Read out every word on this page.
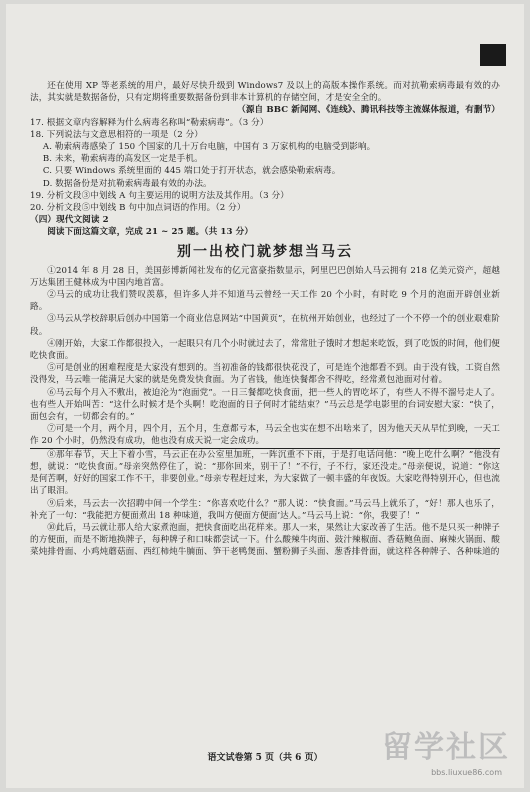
还在使用 XP 等老系统的用户，最好尽快升级到 Windows7 及以上的高版本操作系统。而对抗勒索病毒最有效的办法，其实就是数据备份，只有定期将重要数据备份到非本计算机的存储空间，才是安全全的。

（源自 BBC 新闻网、《连线》、腾讯科技等主流媒体报道，有删节）

17. 根据文章内容解释为什么病毒名称叫“勒索病毒”。（3 分）

18. 下列说法与文意思相符的一项是（2 分）

A. 勒索病毒感染了 150 个国家的几十万台电脑，中国有 3 万家机构的电脑受到影响。

B. 未来，勒索病毒的高发区一定是手机。

C. 只要 Windows 系统里面的 445 端口处于打开状态，就会感染勒索病毒。

D. 数据备份是对抗勒索病毒最有效的办法。

19. 分析文段③中划线 A 句主要运用的说明方法及其作用。（3 分）

20. 分析文段⑤中划线 B 句中加点词语的作用。（2 分）

（四）现代文阅读 2

阅读下面这篇文章，完成 21 ~ 25 题。（共 13 分）

别一出校门就梦想当马云

①2014 年 8 月 28 日，美国彭博新闻社发布的亿元富豪指数显示，阿里巴巴创始人马云拥有 218 亿美元资产，超越万达集团王健林成为中国内地首富。

②马云的成功让我们赞叹羡慕，但许多人并不知道马云曾经一天工作 20 个小时，有时吃 9 个月的泡面开辟创业新路。

③马云从学校辞职后创办中国第一个商业信息网站“中国黄页”，在杭州开始创业，也经过了一个不停一个的创业艰难阶段。

④刚开始，大家工作都很投入，一起眼只有几个小时就过去了，常常肚子饿时才想起来吃饭，到了吃饭的时间，他们便吃快食面。

⑤可是创业的困难程度是大家没有想到的。当初准备的钱都很快花没了，可是连个池都看不到。由于没有钱，工资自然没得发，马云唯一能满足大家的就是免费发快食面。为了省钱，他连快餐都舍不得吃，经常煮包池面对付着。

⑥马云每个月入不敷出，被迫沦为“泡面党”。一日三餐都吃快食面，把一些人的胃吃坏了，有些人不得不溜号走人了。也有些人开始叫苦：“这什么时候才是个头啊！吃泡面的日子何时才能结束？”马云总是学电影里的台词安慰大家：“快了，面包会有，一切都会有的。”

⑦可是一个月，两个月，四个月，五个月，生意都亏本，马云全也实在想不出啥来了，因为他天天从早忙到晚，一天工作 20 个小时，仍然没有成功，他也没有成天说一定会成功。

⑧那年春节，天上下着小雪，马云正在办公室里加班，一阵沉重不下雨，于是打电话问他：“晚上吃什么啊？”他没有想，就说：“吃快食面。”母亲突然停住了，说：“那你回来，别干了！”不行，子不行，家还没走。”母亲便说，说道：“你这是何苦啊，好好的国家工作不干，非要创业。”母亲专程赶过来，为大家做了一顿丰盛的年夜饭。大家吃得特别开心，但也流出了眼泪。

⑨后来，马云去一次招聘中间一个学生：“你喜欢吃什么？”那人说：“快食面。”马云马上就乐了，“好！那人也乐了，补充了一句：“我能把方便面煮出 18 种味道，我叫方便面方便面’达人。”马云马上说：“你，我要了！”

⑩此后，马云就让那人给大家煮泡面，把快食面吃出花样来。那人一来，果然让大家改善了生活。他不是只买一种牌子的方便面，而是不断地换牌子，每种牌子和口味都尝试一下。什么酸辣牛肉面、鼓汁辣椒面、香菇鲍鱼面、麻辣火锅面、酸菜炖排骨面、小鸡炖蘑菇面、西红柿炖牛腩面、笋干老鸭煲面、蟹粉狮子头面、葱香排骨面，就这样各种牌子、各种味道的

语文试卷第 5 页（共 6 页）	留学社区
bbs.liuxue86.com
